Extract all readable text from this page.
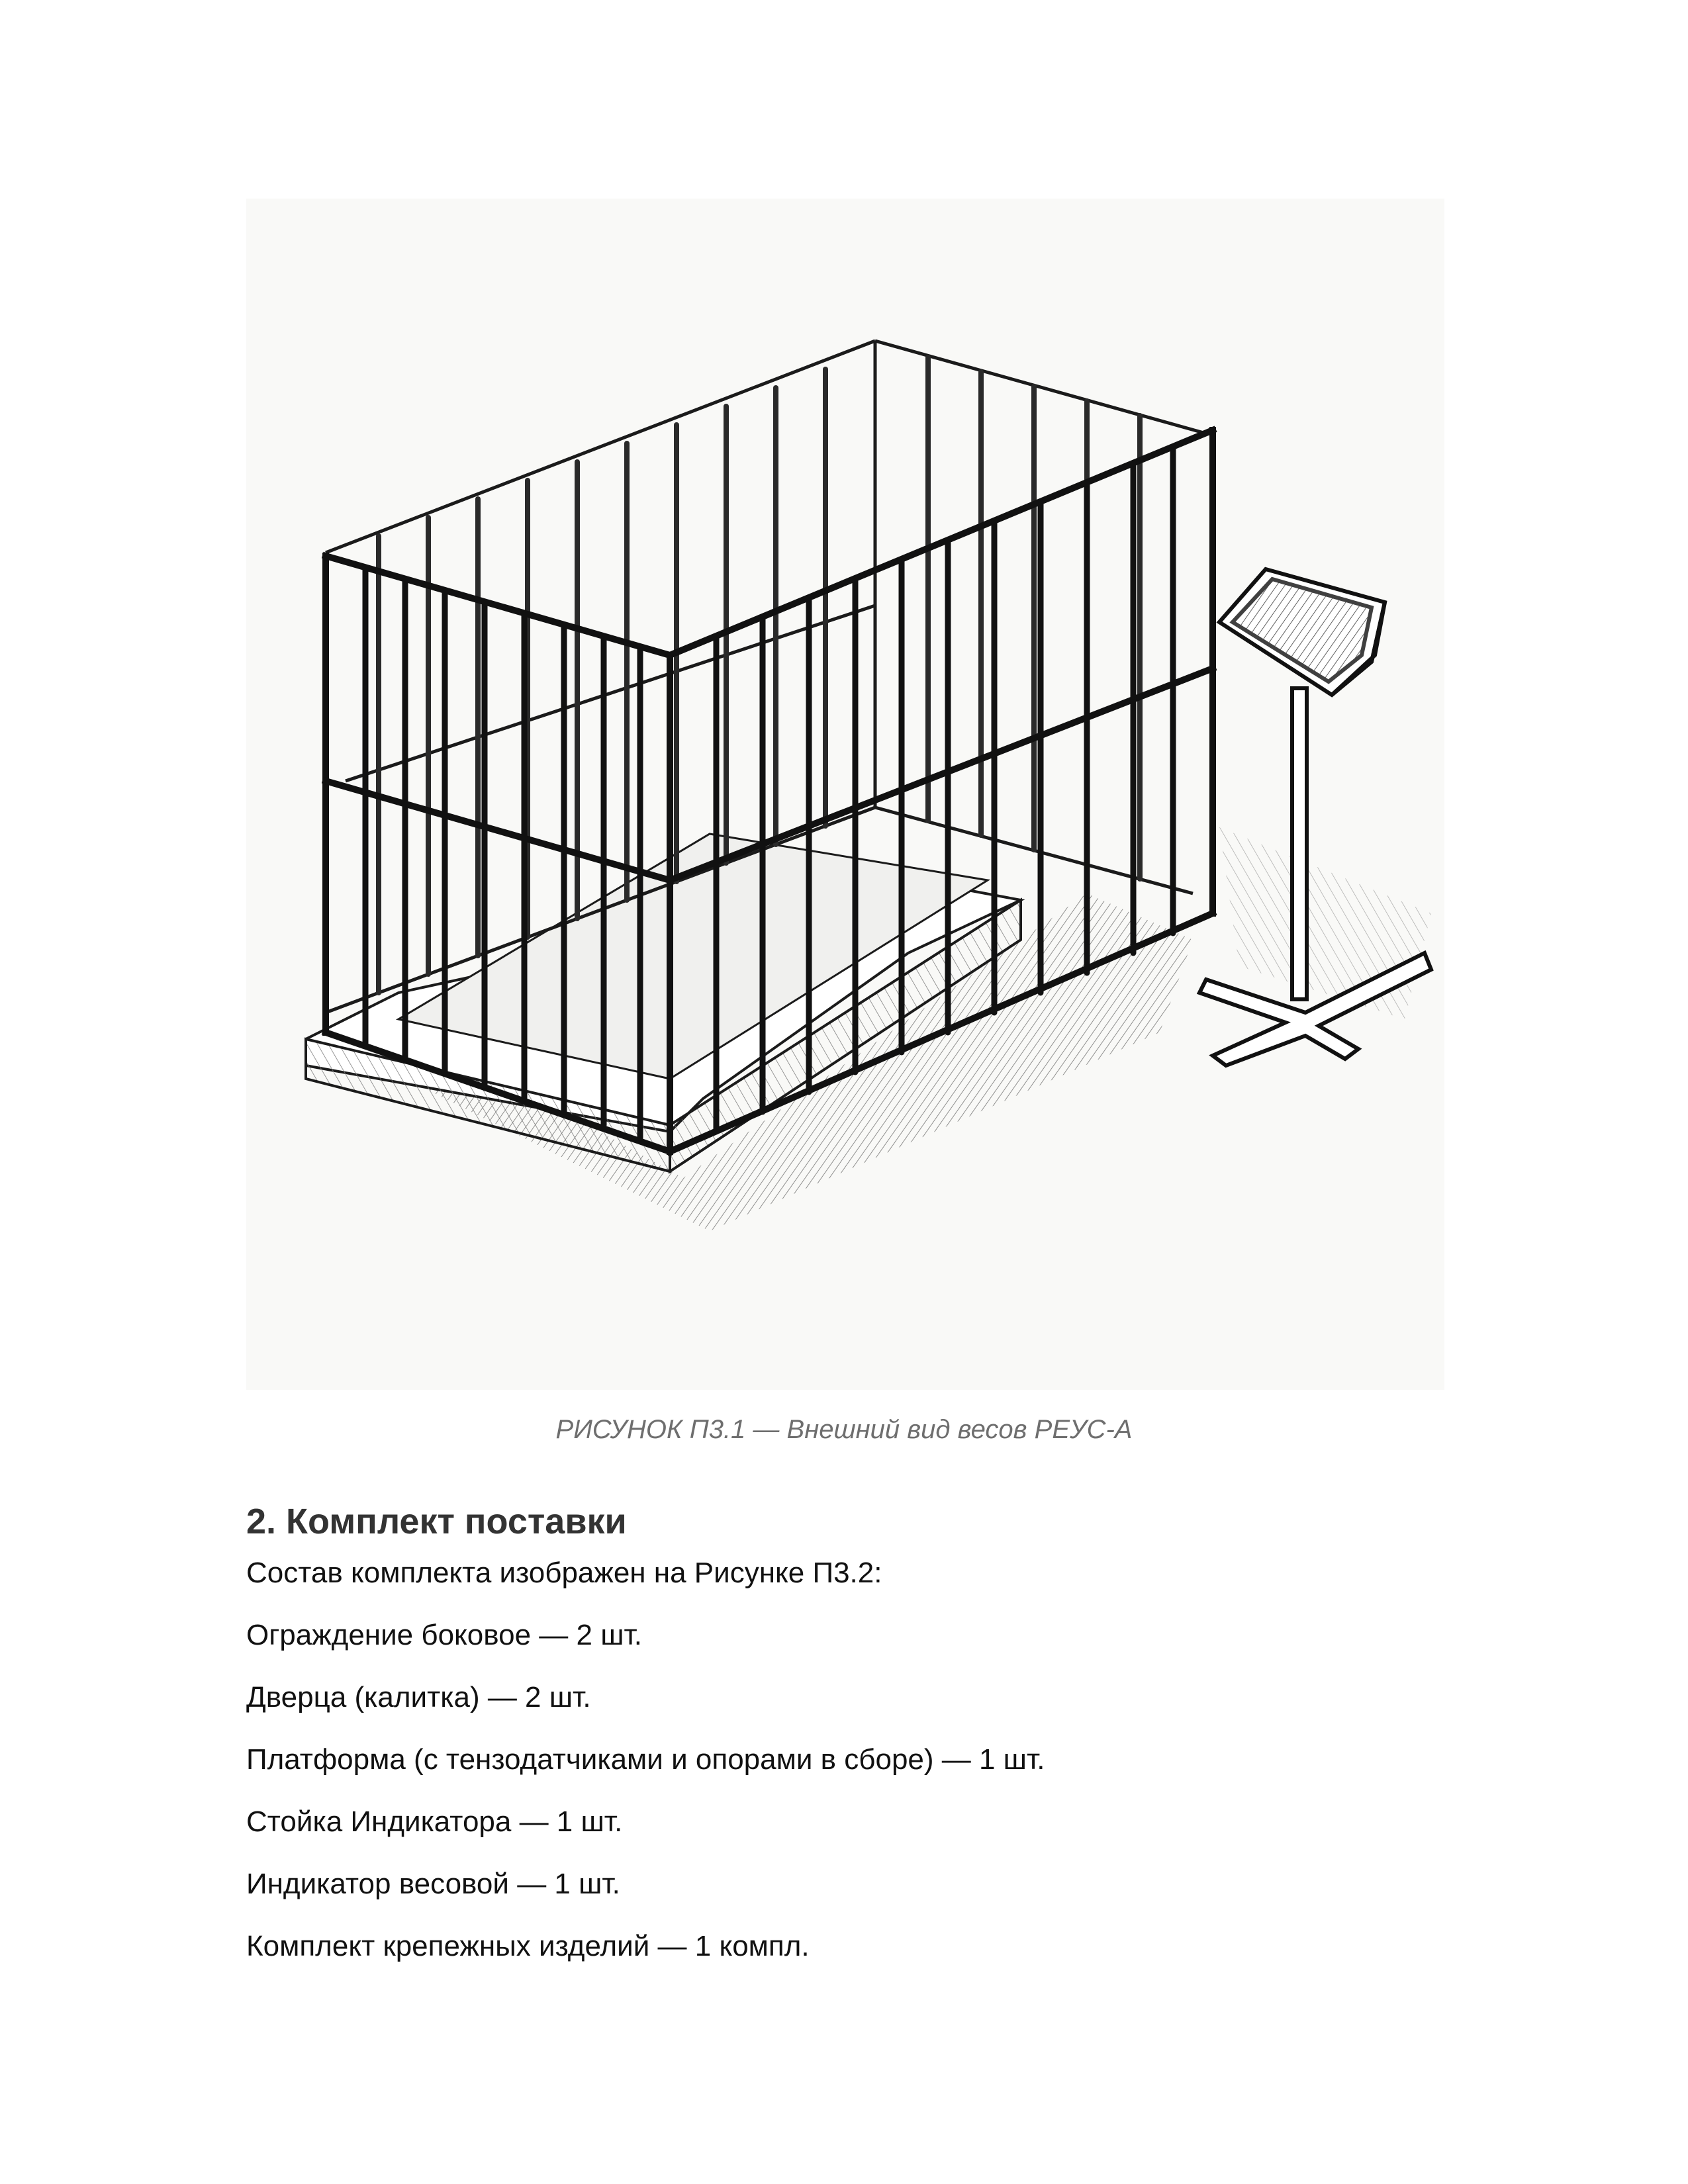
РИСУНОК П3.1 — Внешний вид весов РЕУС-А
2. Комплект поставки

Состав комплекта изображен на Рисунке П3.2:

Ограждение боковое — 2 шт.
Дверца (калитка) — 2 шт.
Платформа (с тензодатчиками и опорами в сборе) — 1 шт.
Стойка Индикатора — 1 шт.
Индикатор весовой — 1 шт.
Комплект крепежных изделий — 1 компл.
